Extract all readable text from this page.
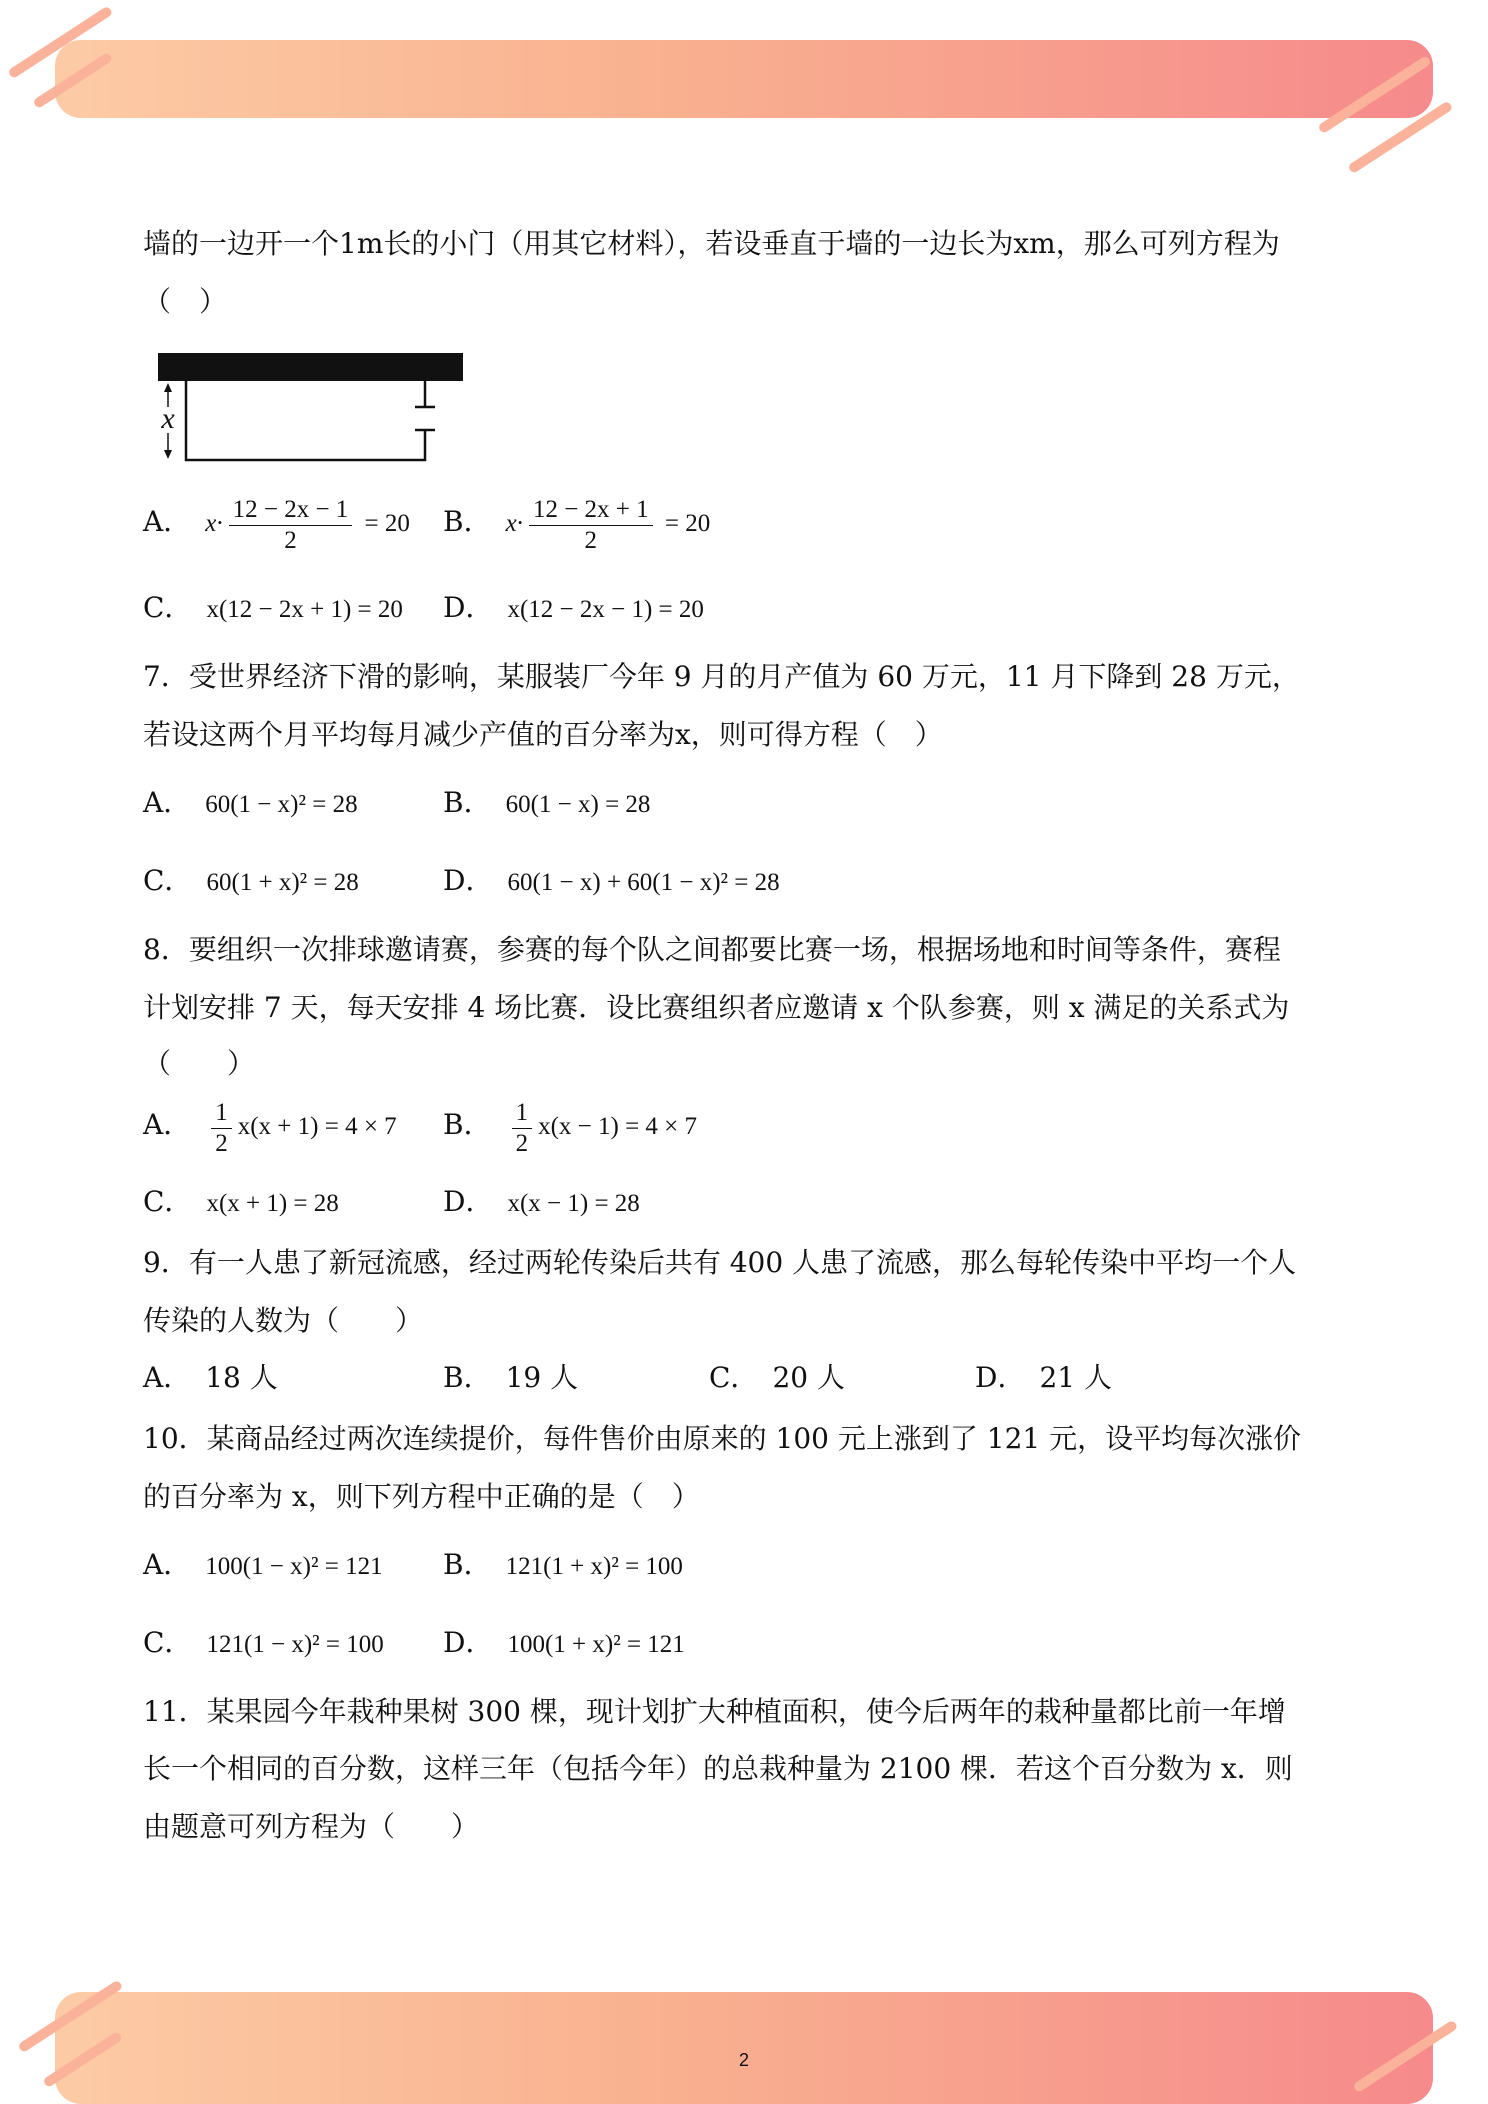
墙的一边开一个1m长的小门（用其它材料），若设垂直于墙的一边长为xm，那么可列方程为
（　）
x
A． $x\cdot \frac{12 - 2x - 1}{2} = 20$ B． $x\cdot \frac{12 - 2x + 1}{2} = 20$
C． x(12 − 2x + 1) = 20 D． x(12 − 2x − 1) = 20
7．受世界经济下滑的影响，某服装厂今年 9 月的月产值为 60 万元，11 月下降到 28 万元，
若设这两个月平均每月减少产值的百分率为x，则可得方程（　）
A． 60(1 − x)² = 28	B． 60(1 − x) = 28
C． 60(1 + x)² = 28	D． 60(1 − x) + 60(1 − x)² = 28
8．要组织一次排球邀请赛，参赛的每个队之间都要比赛一场，根据场地和时间等条件，赛程
计划安排 7 天，每天安排 4 场比赛．设比赛组织者应邀请 x 个队参赛，则 x 满足的关系式为
（　　）
A． $\frac{1}{2} x(x + 1) = 4 \times 7$ B． $\frac{1}{2} x(x - 1) = 4 \times 7$
C． x(x + 1) = 28	D． x(x − 1) = 28
9．有一人患了新冠流感，经过两轮传染后共有 400 人患了流感，那么每轮传染中平均一个人
传染的人数为（　　）
A． 18 人	B． 19 人	C． 20 人	D． 21 人
10．某商品经过两次连续提价，每件售价由原来的 100 元上涨到了 121 元，设平均每次涨价
的百分率为 x，则下列方程中正确的是（　）
A． 100(1 − x)² = 121 B． 121(1 + x)² = 100
C． 121(1 − x)² = 100 D． 100(1 + x)² = 121
11．某果园今年栽种果树 300 棵，现计划扩大种植面积，使今后两年的栽种量都比前一年增
长一个相同的百分数，这样三年（包括今年）的总栽种量为 2100 棵．若这个百分数为 x．则
由题意可列方程为（　　）
2
